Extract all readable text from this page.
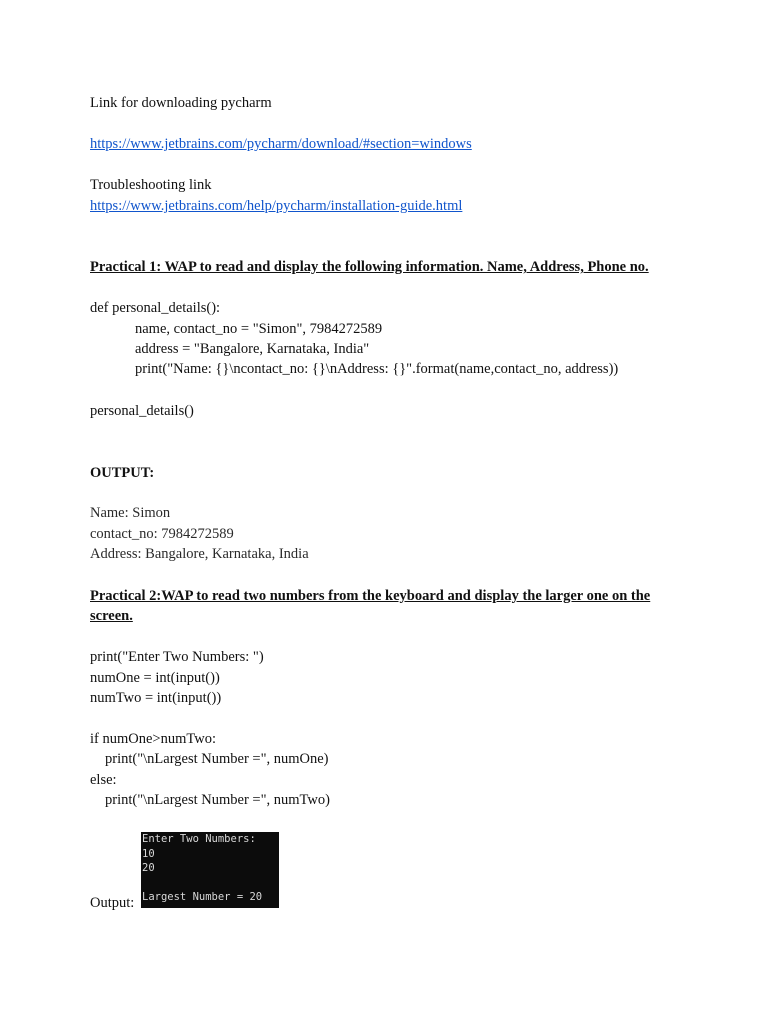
Link for downloading pycharm
https://www.jetbrains.com/pycharm/download/#section=windows
Troubleshooting link
https://www.jetbrains.com/help/pycharm/installation-guide.html
Practical 1: WAP to read and display the following information. Name, Address, Phone no.
def personal_details():
name, contact_no = "Simon", 7984272589
address = "Bangalore, Karnataka, India"
print("Name: {}\ncontact_no: {}\nAddress: {}".format(name,contact_no, address))
personal_details()
OUTPUT:
Name: Simon
contact_no: 7984272589
Address: Bangalore, Karnataka, India
Practical 2:WAP to read two numbers from the keyboard and display the larger one on the
screen.
print("Enter Two Numbers: ")
numOne = int(input())
numTwo = int(input())
if numOne>numTwo:
print("\nLargest Number =", numOne)
else:
print("\nLargest Number =", numTwo)
Output:
Enter Two Numbers:
10
20
Largest Number = 20
